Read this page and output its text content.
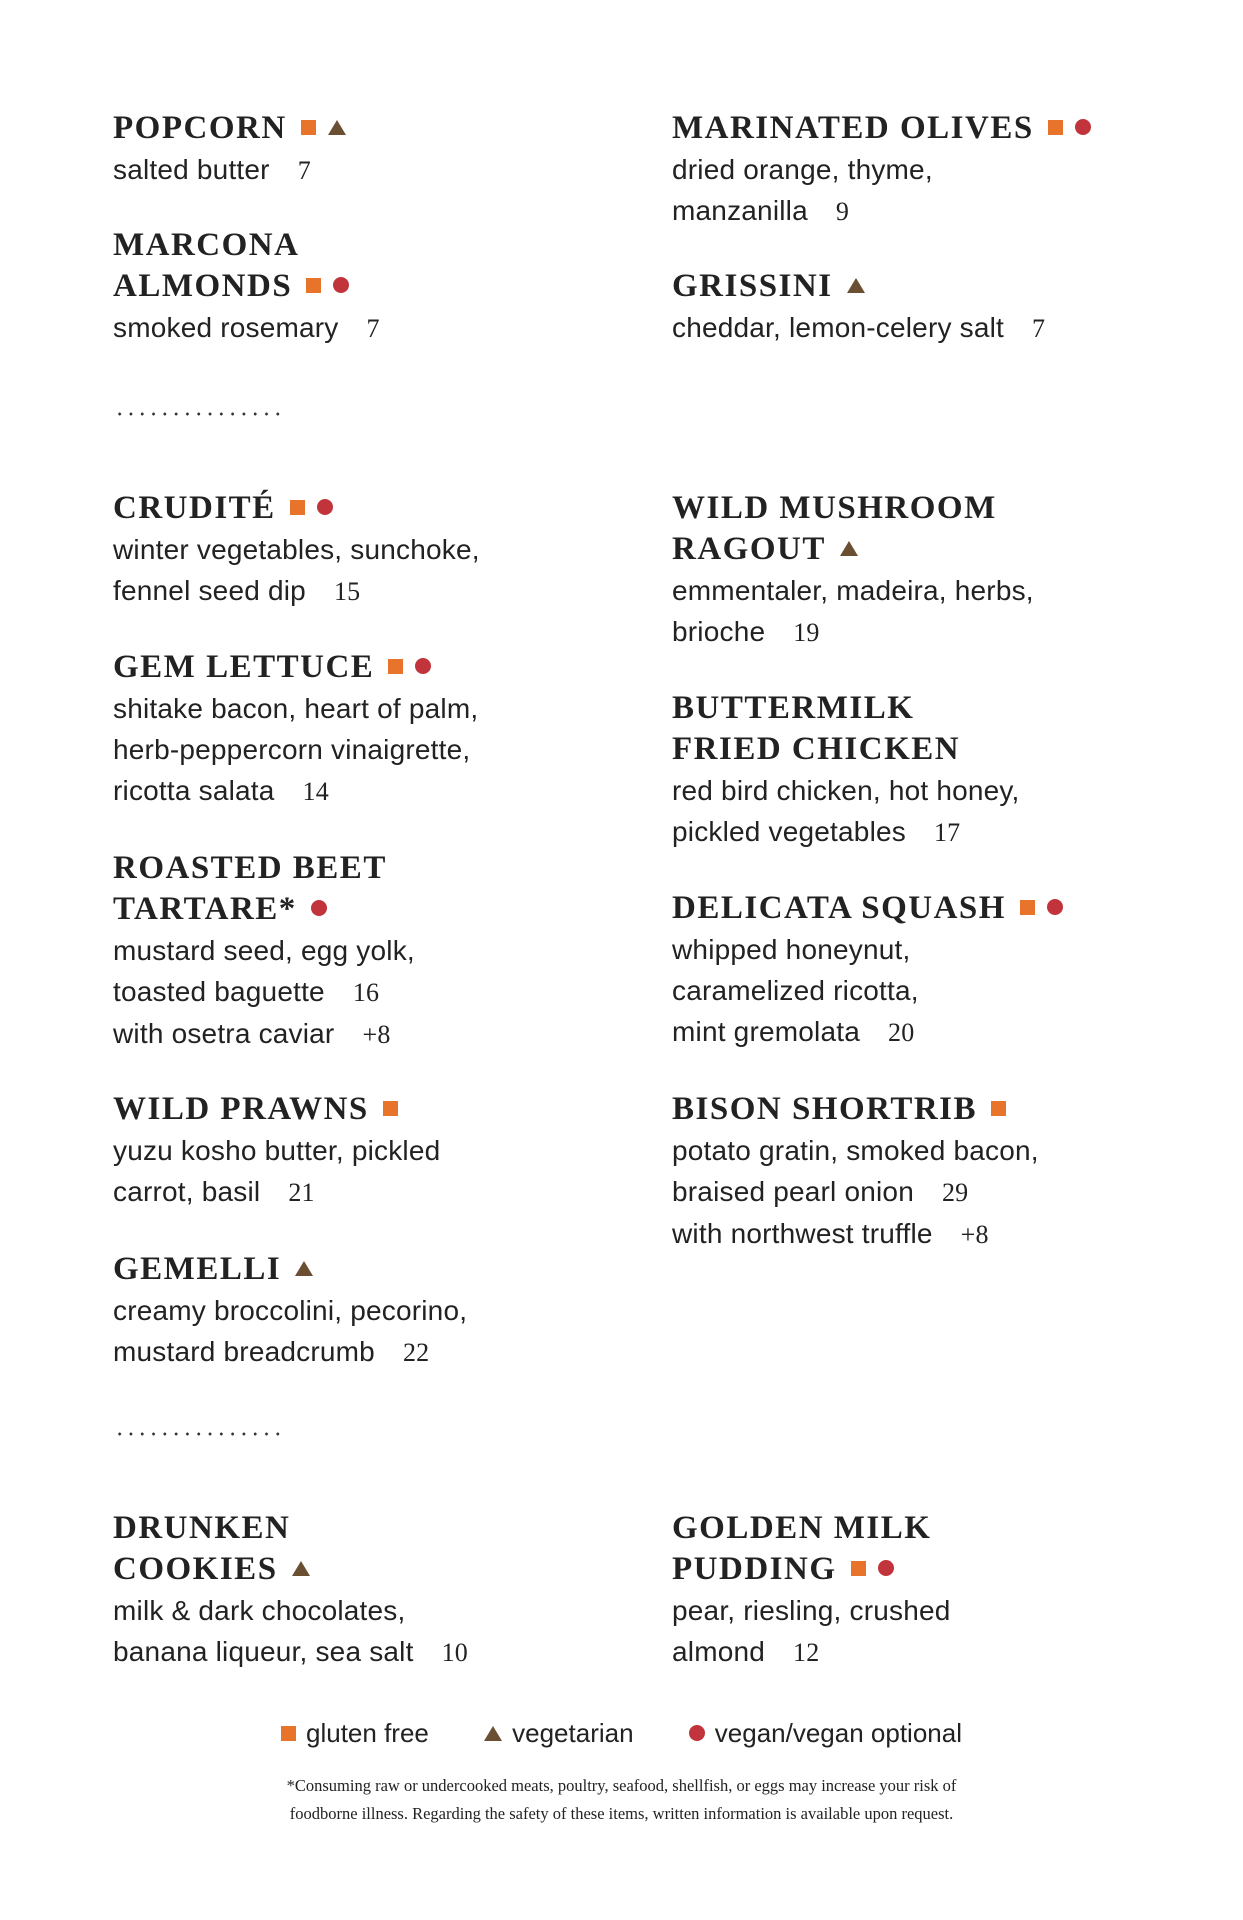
POPCORN
salted butter 7
MARCONA
ALMONDS
smoked rosemary 7
MARINATED OLIVES
dried orange, thyme,
manzanilla 9
GRISSINI
cheddar, lemon-celery salt 7
CRUDITÉ
winter vegetables, sunchoke,
fennel seed dip 15
GEM LETTUCE
shitake bacon, heart of palm,
herb-peppercorn vinaigrette,
ricotta salata 14
ROASTED BEET
TARTARE*
mustard seed, egg yolk,
toasted baguette 16
with osetra caviar +8
WILD PRAWNS
yuzu kosho butter, pickled
carrot, basil 21
GEMELLI
creamy broccolini, pecorino,
mustard breadcrumb 22
WILD MUSHROOM
RAGOUT
emmentaler, madeira, herbs,
brioche 19
BUTTERMILK
FRIED CHICKEN
red bird chicken, hot honey,
pickled vegetables 17
DELICATA SQUASH
whipped honeynut,
caramelized ricotta,
mint gremolata 20
BISON SHORTRIB
potato gratin, smoked bacon,
braised pearl onion 29
with northwest truffle +8
DRUNKEN
COOKIES
milk & dark chocolates,
banana liqueur, sea salt 10
GOLDEN MILK
PUDDING
pear, riesling, crushed
almond 12
gluten free	vegetarian	vegan/vegan optional
*Consuming raw or undercooked meats, poultry, seafood, shellfish, or eggs may increase your risk of
foodborne illness. Regarding the safety of these items, written information is available upon request.
